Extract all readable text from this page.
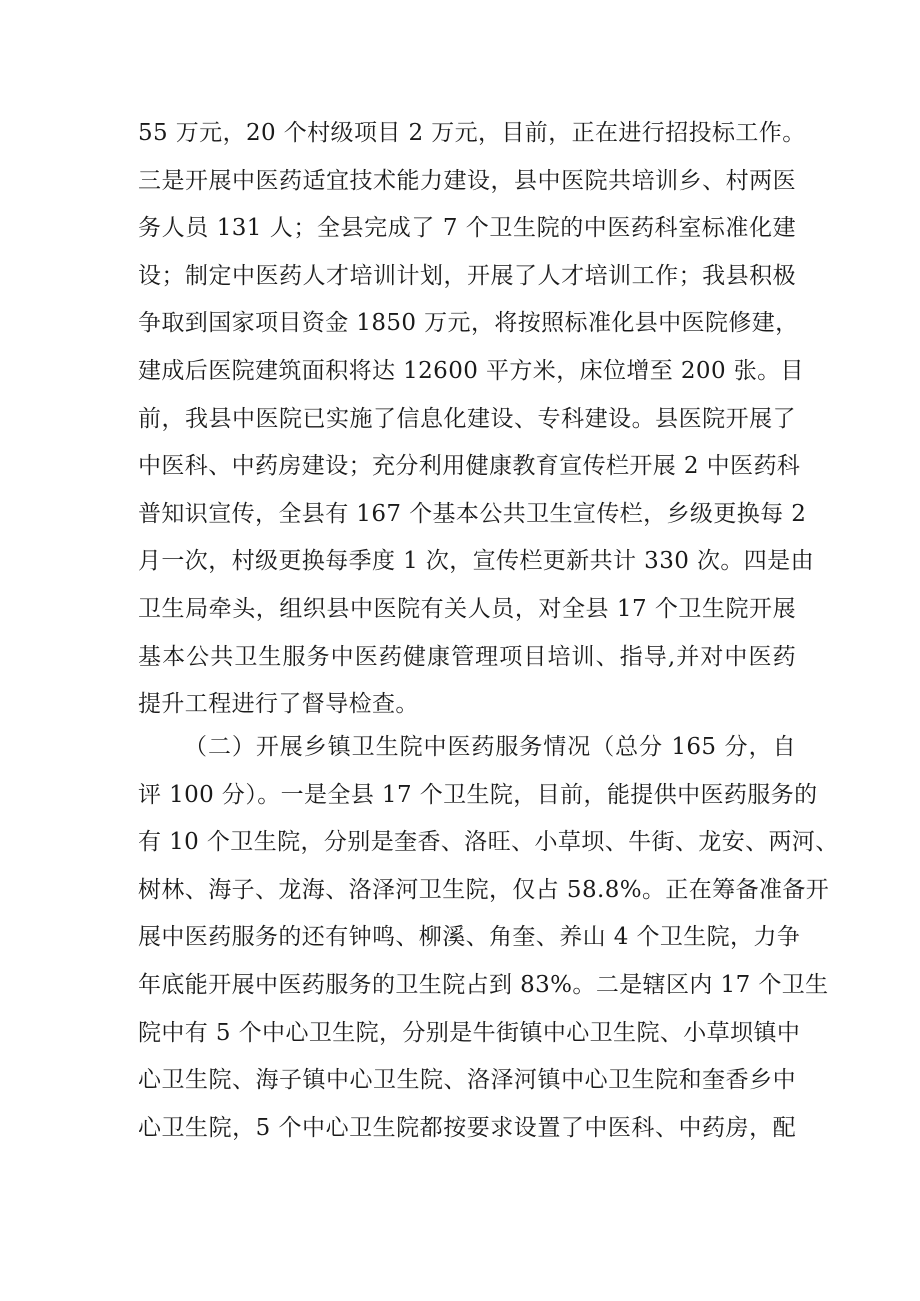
55 万元，20 个村级项目 2 万元，目前，正在进行招投标工作。
三是开展中医药适宜技术能力建设，县中医院共培训乡、村两医
务人员 131 人；全县完成了 7 个卫生院的中医药科室标准化建
设；制定中医药人才培训计划，开展了人才培训工作；我县积极
争取到国家项目资金 1850 万元，将按照标准化县中医院修建，
建成后医院建筑面积将达 12600 平方米，床位增至 200 张。目
前，我县中医院已实施了信息化建设、专科建设。县医院开展了
中医科、中药房建设；充分利用健康教育宣传栏开展 2 中医药科
普知识宣传，全县有 167 个基本公共卫生宣传栏，乡级更换每 2
月一次，村级更换每季度 1 次，宣传栏更新共计 330 次。四是由
卫生局牵头，组织县中医院有关人员，对全县 17 个卫生院开展
基本公共卫生服务中医药健康管理项目培训、指导,并对中医药
提升工程进行了督导检查。
（二）开展乡镇卫生院中医药服务情况（总分 165 分，自
评 100 分）。一是全县 17 个卫生院，目前，能提供中医药服务的
有 10 个卫生院，分别是奎香、洛旺、小草坝、牛街、龙安、两河、
树林、海子、龙海、洛泽河卫生院，仅占 58.8%。正在筹备准备开
展中医药服务的还有钟鸣、柳溪、角奎、养山 4 个卫生院，力争
年底能开展中医药服务的卫生院占到 83%。二是辖区内 17 个卫生
院中有 5 个中心卫生院，分别是牛街镇中心卫生院、小草坝镇中
心卫生院、海子镇中心卫生院、洛泽河镇中心卫生院和奎香乡中
心卫生院，5 个中心卫生院都按要求设置了中医科、中药房，配
